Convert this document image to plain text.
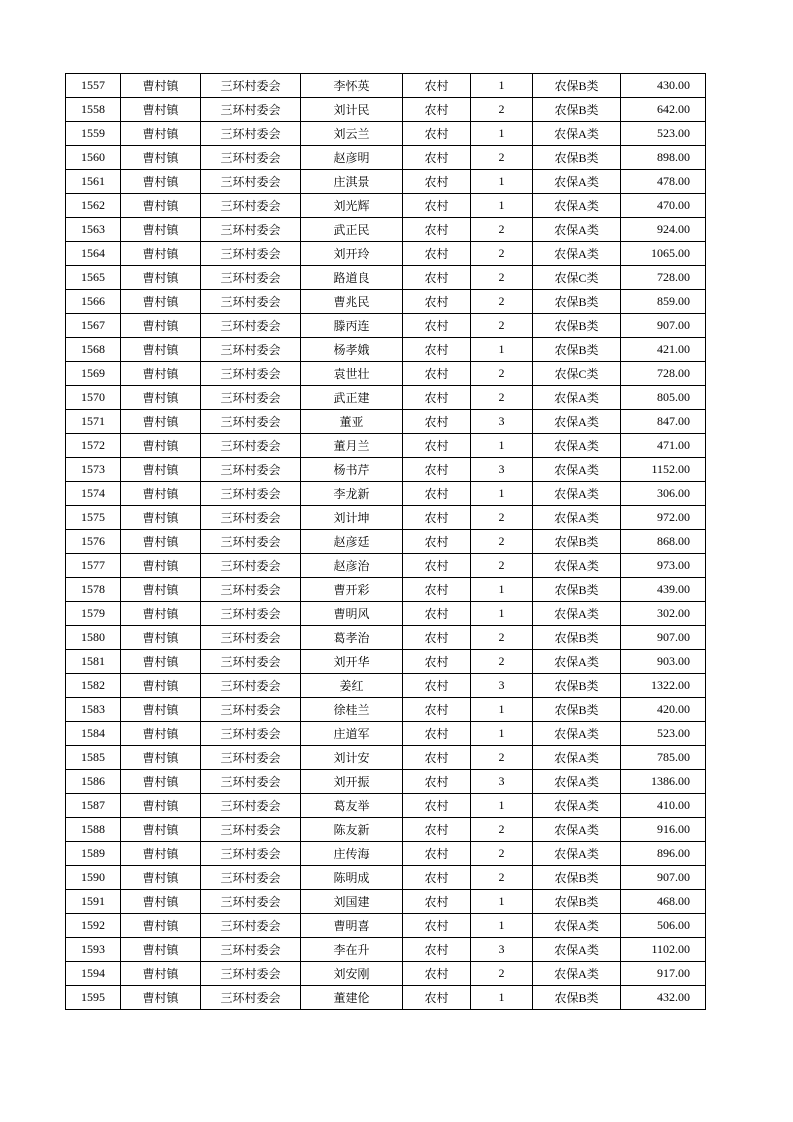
1557	曹村镇	三环村委会	李怀英	农村	1	农保B类	430.00
1558	曹村镇	三环村委会	刘计民	农村	2	农保B类	642.00
1559	曹村镇	三环村委会	刘云兰	农村	1	农保A类	523.00
1560	曹村镇	三环村委会	赵彦明	农村	2	农保B类	898.00
1561	曹村镇	三环村委会	庄淇景	农村	1	农保A类	478.00
1562	曹村镇	三环村委会	刘光辉	农村	1	农保A类	470.00
1563	曹村镇	三环村委会	武正民	农村	2	农保A类	924.00
1564	曹村镇	三环村委会	刘开玲	农村	2	农保A类	1065.00
1565	曹村镇	三环村委会	路道良	农村	2	农保C类	728.00
1566	曹村镇	三环村委会	曹兆民	农村	2	农保B类	859.00
1567	曹村镇	三环村委会	滕丙连	农村	2	农保B类	907.00
1568	曹村镇	三环村委会	杨孝娥	农村	1	农保B类	421.00
1569	曹村镇	三环村委会	袁世壮	农村	2	农保C类	728.00
1570	曹村镇	三环村委会	武正建	农村	2	农保A类	805.00
1571	曹村镇	三环村委会	董亚	农村	3	农保A类	847.00
1572	曹村镇	三环村委会	董月兰	农村	1	农保A类	471.00
1573	曹村镇	三环村委会	杨书芹	农村	3	农保A类	1152.00
1574	曹村镇	三环村委会	李龙新	农村	1	农保A类	306.00
1575	曹村镇	三环村委会	刘计坤	农村	2	农保A类	972.00
1576	曹村镇	三环村委会	赵彦廷	农村	2	农保B类	868.00
1577	曹村镇	三环村委会	赵彦治	农村	2	农保A类	973.00
1578	曹村镇	三环村委会	曹开彩	农村	1	农保B类	439.00
1579	曹村镇	三环村委会	曹明风	农村	1	农保A类	302.00
1580	曹村镇	三环村委会	葛孝治	农村	2	农保B类	907.00
1581	曹村镇	三环村委会	刘开华	农村	2	农保A类	903.00
1582	曹村镇	三环村委会	姜红	农村	3	农保B类	1322.00
1583	曹村镇	三环村委会	徐桂兰	农村	1	农保B类	420.00
1584	曹村镇	三环村委会	庄道军	农村	1	农保A类	523.00
1585	曹村镇	三环村委会	刘计安	农村	2	农保A类	785.00
1586	曹村镇	三环村委会	刘开振	农村	3	农保A类	1386.00
1587	曹村镇	三环村委会	葛友举	农村	1	农保A类	410.00
1588	曹村镇	三环村委会	陈友新	农村	2	农保A类	916.00
1589	曹村镇	三环村委会	庄传海	农村	2	农保A类	896.00
1590	曹村镇	三环村委会	陈明成	农村	2	农保B类	907.00
1591	曹村镇	三环村委会	刘国建	农村	1	农保B类	468.00
1592	曹村镇	三环村委会	曹明喜	农村	1	农保A类	506.00
1593	曹村镇	三环村委会	李在升	农村	3	农保A类	1102.00
1594	曹村镇	三环村委会	刘安刚	农村	2	农保A类	917.00
1595	曹村镇	三环村委会	董建伦	农村	1	农保B类	432.00
